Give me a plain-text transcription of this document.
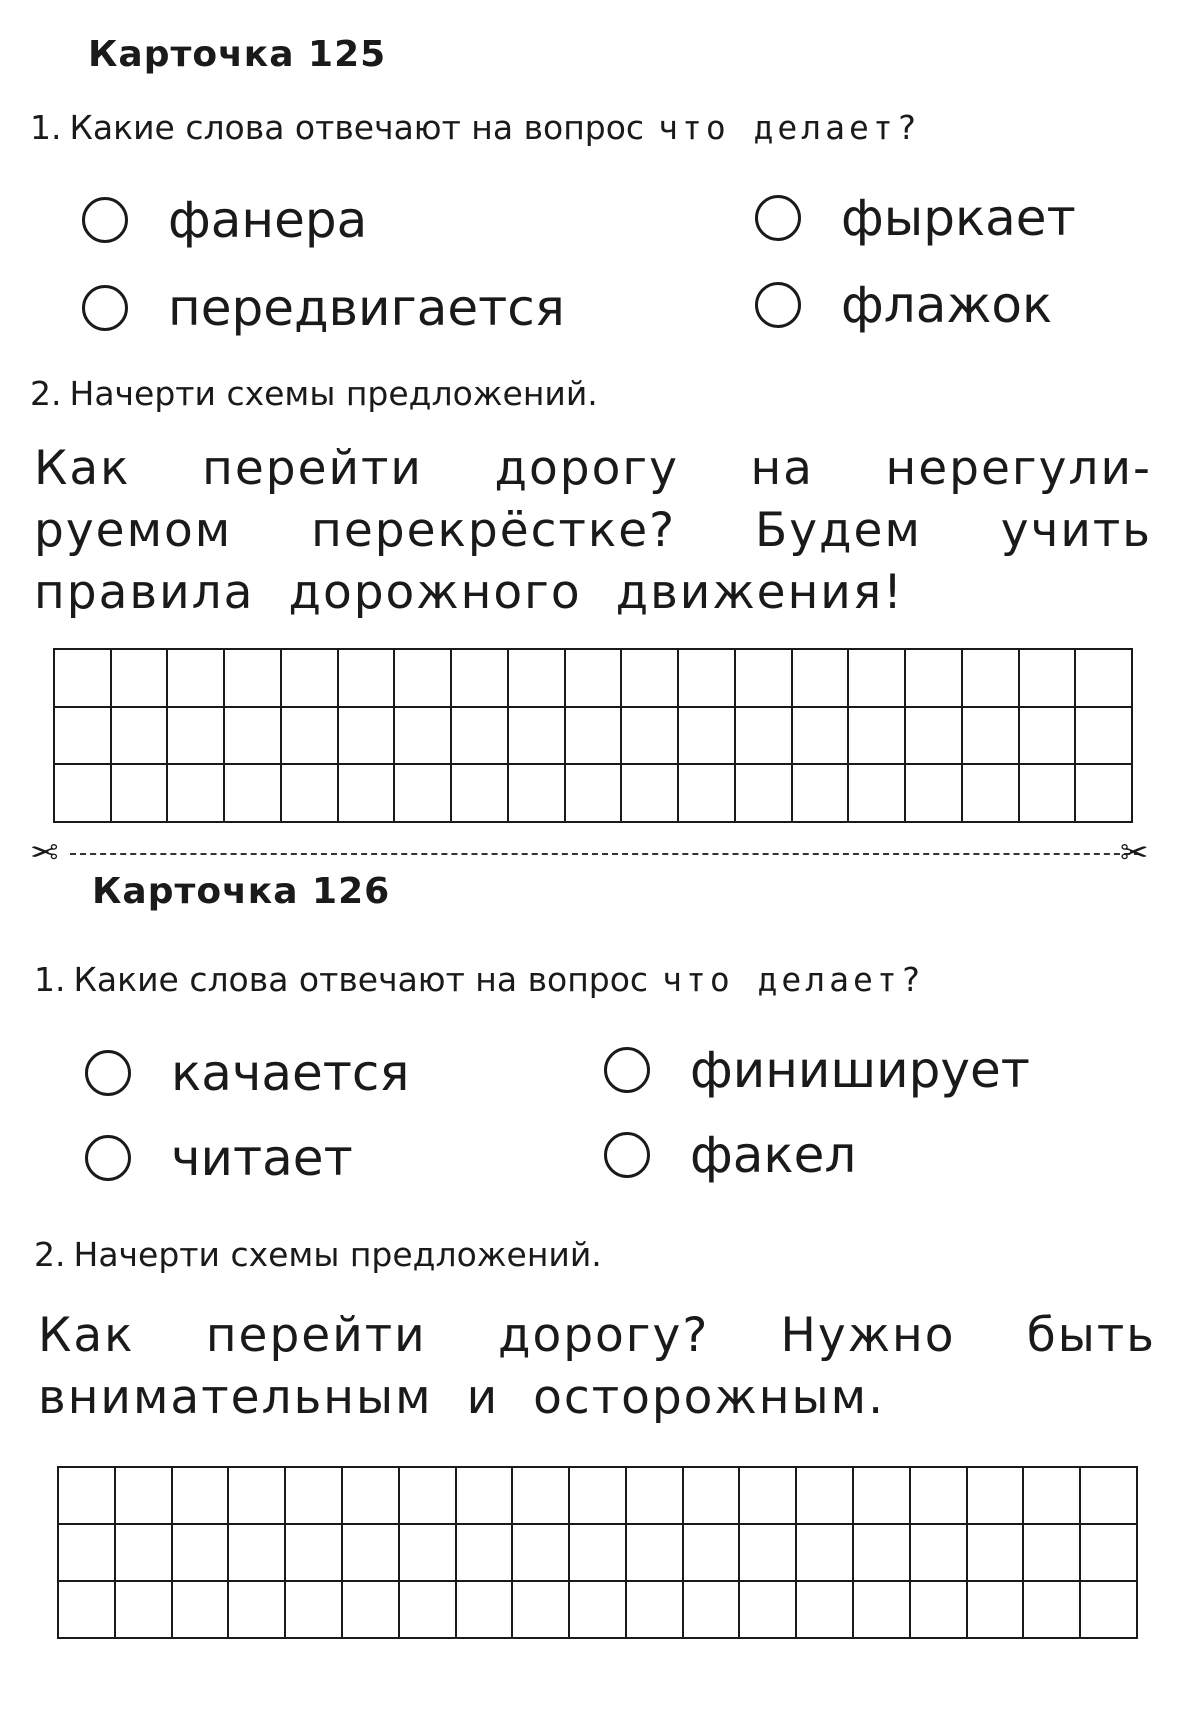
Карточка 125
1. Какие слова отвечают на вопрос что делает?
фанера	фыркает
передвигается	флажок
2. Начерти схемы предложений.
Как перейти дорогу на нерегули-
руемом перекрёстке? Будем учить
правила дорожного движения!
✂	✂
Карточка 126
1. Какие слова отвечают на вопрос что делает?
качается	финиширует
читает	факел
2. Начерти схемы предложений.
Как перейти дорогу? Нужно быть
внимательным и осторожным.
